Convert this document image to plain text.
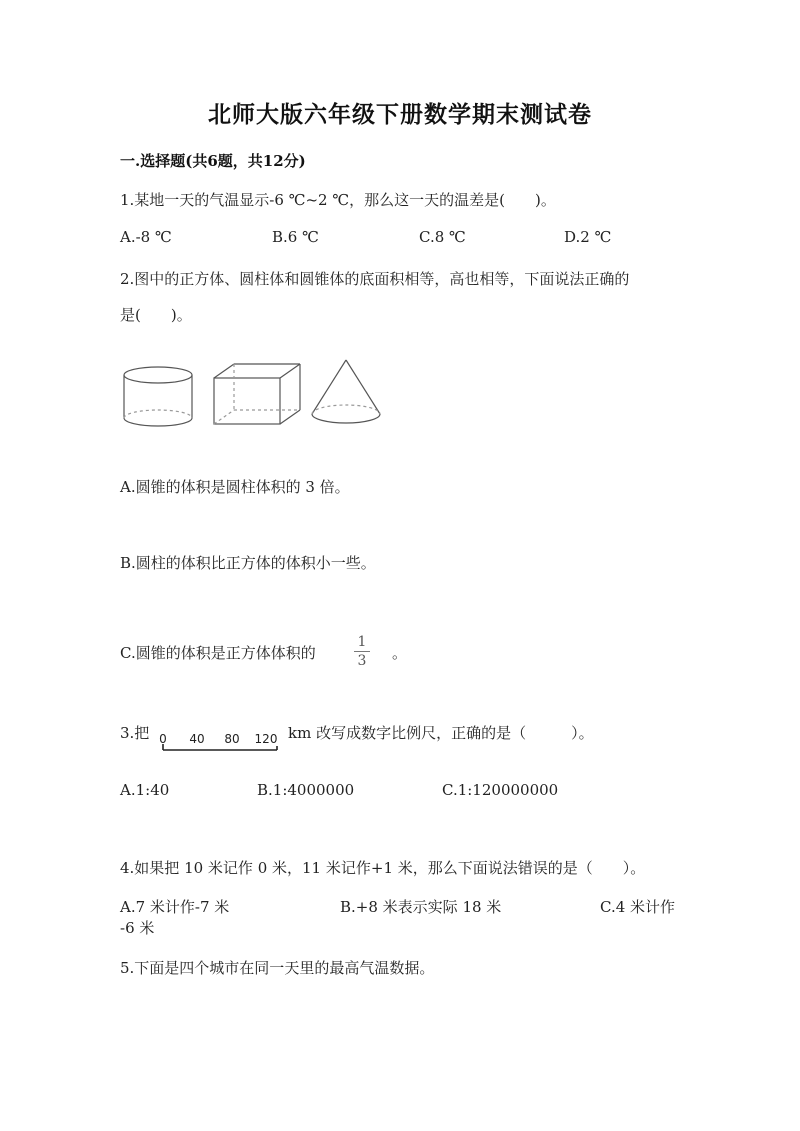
北师大版六年级下册数学期末测试卷
一.选择题(共6题，共12分)
1.某地一天的气温显示-6 ℃~2 ℃，那么这一天的温差是(　　)。
A.-8 ℃	B.6 ℃	C.8 ℃	D.2 ℃
2.图中的正方体、圆柱体和圆锥体的底面积相等，高也相等，下面说法正确的
是(　　)。
A.圆锥的体积是圆柱体积的 3 倍。
B.圆柱的体积比正方体的体积小一些。
C.圆锥的体积是正方体体积的
1
3	。
3.把 0 40 80 120 km 改写成数字比例尺，正确的是（　　　）。
A.1:40	B.1:4000000	C.1:120000000
4.如果把 10 米记作 0 米，11 米记作+1 米，那么下面说法错误的是（　　）。
A.7 米计作-7 米	B.+8 米表示实际 18 米	C.4 米计作
-6 米
5.下面是四个城市在同一天里的最高气温数据。
